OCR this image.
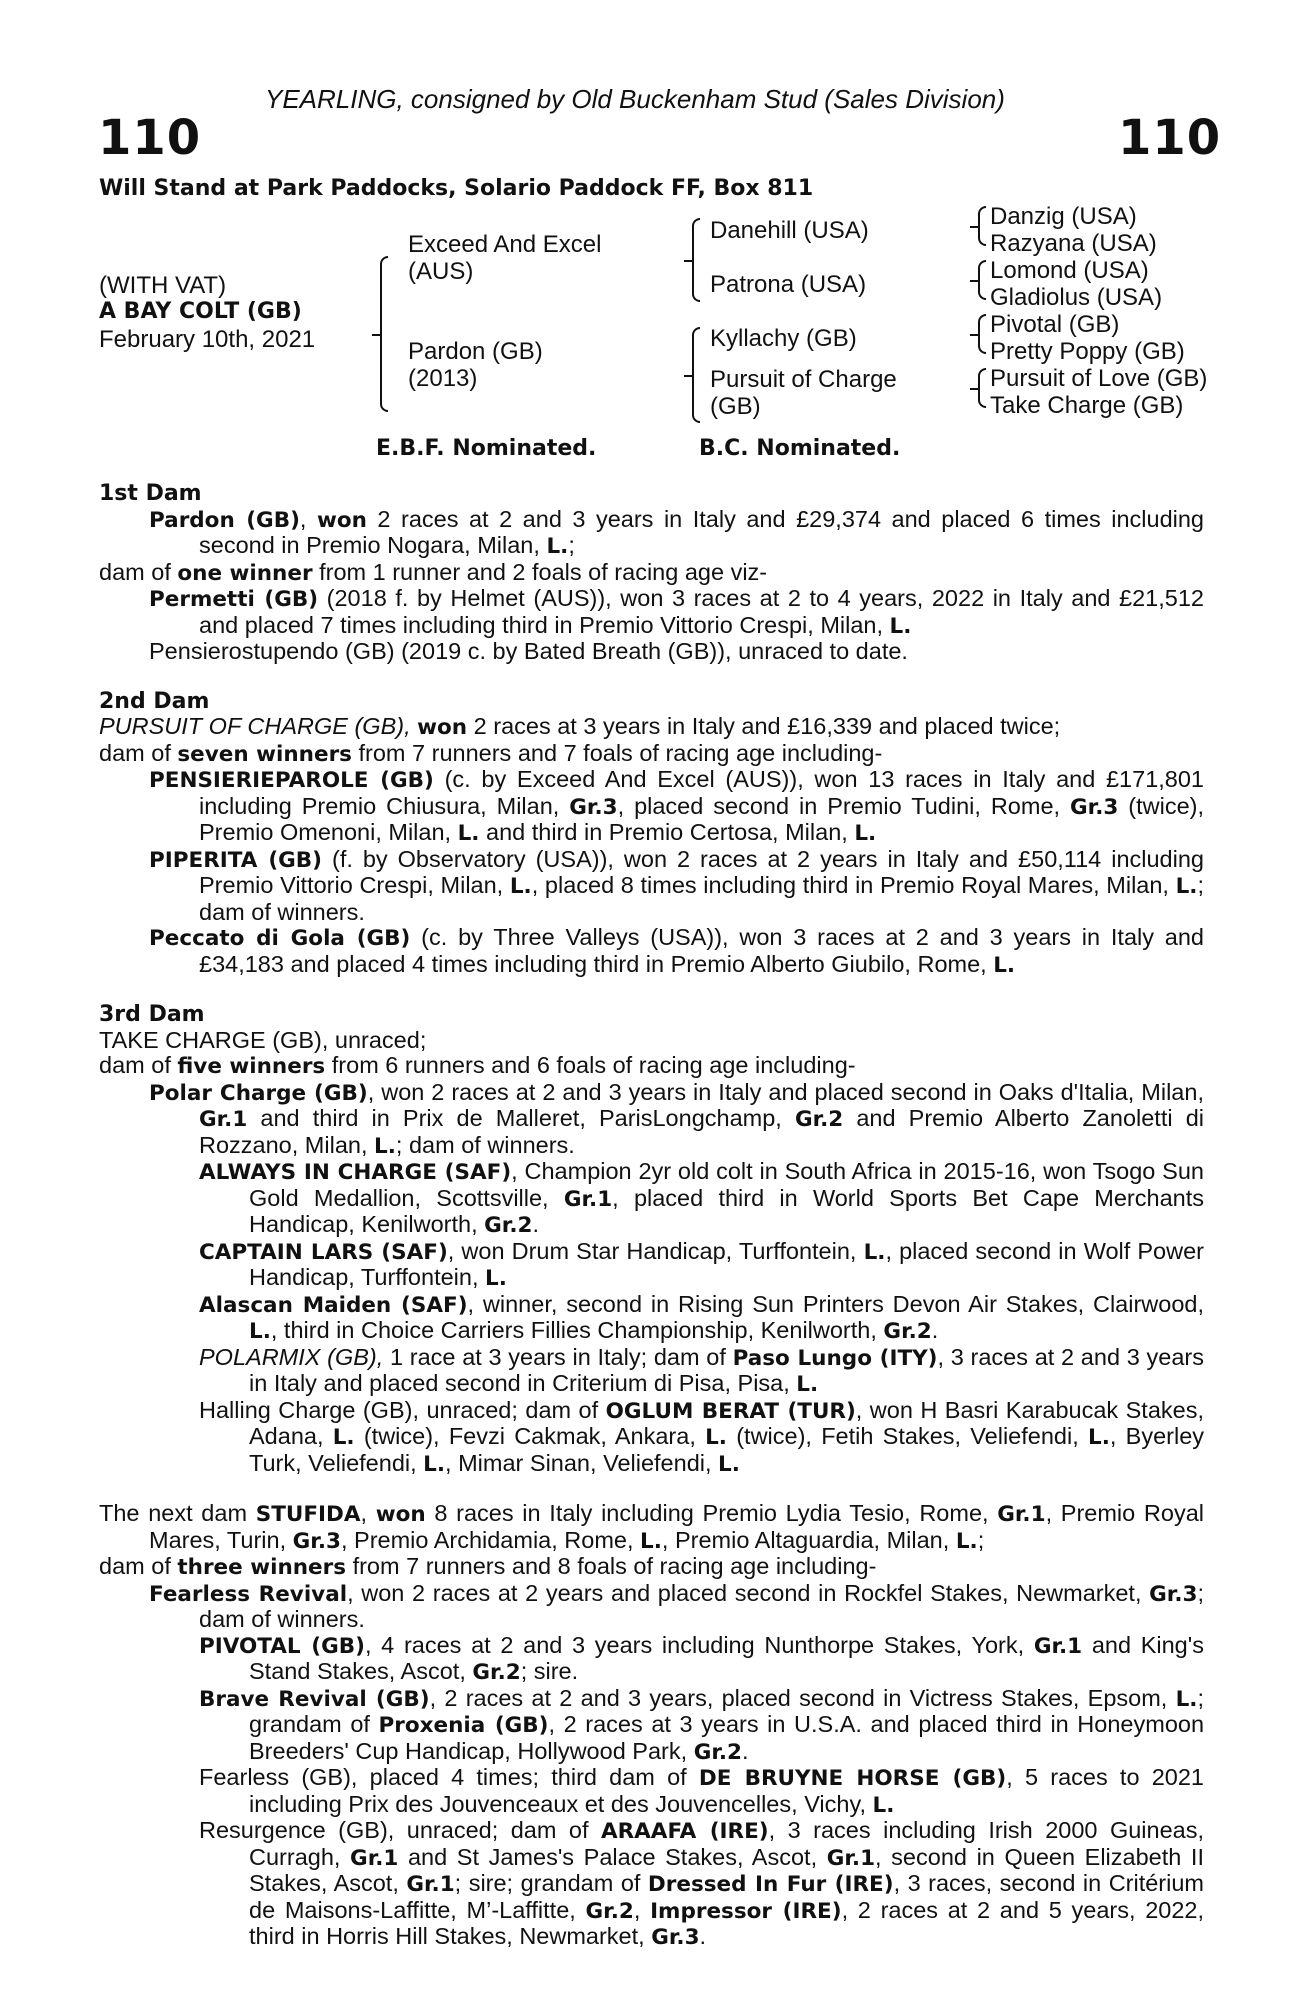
YEARLING, consigned by Old Buckenham Stud (Sales Division)
110	110
Will Stand at Park Paddocks, Solario Paddock FF, Box 811
(WITH VAT)
A BAY COLT (GB)
February 10th, 2021
Exceed And Excel
(AUS)
Pardon (GB)
(2013)
Danehill (USA)
Patrona (USA)
Kyllachy (GB)
Pursuit of Charge
(GB)
Danzig (USA)
Razyana (USA)
Lomond (USA)
Gladiolus (USA)
Pivotal (GB)
Pretty Poppy (GB)
Pursuit of Love (GB)
Take Charge (GB)
E.B.F. Nominated.	B.C. Nominated.
1st Dam
Pardon (GB), won 2 races at 2 and 3 years in Italy and £29,374 and placed 6 times including second in Premio Nogara, Milan, L.;
dam of one winner from 1 runner and 2 foals of racing age viz-
Permetti (GB) (2018 f. by Helmet (AUS)), won 3 races at 2 to 4 years, 2022 in Italy and £21,512 and placed 7 times including third in Premio Vittorio Crespi, Milan, L.
Pensierostupendo (GB) (2019 c. by Bated Breath (GB)), unraced to date.
2nd Dam
PURSUIT OF CHARGE (GB), won 2 races at 3 years in Italy and £16,339 and placed twice;
dam of seven winners from 7 runners and 7 foals of racing age including-
PENSIERIEPAROLE (GB) (c. by Exceed And Excel (AUS)), won 13 races in Italy and £171,801 including Premio Chiusura, Milan, Gr.3, placed second in Premio Tudini, Rome, Gr.3 (twice), Premio Omenoni, Milan, L. and third in Premio Certosa, Milan, L.
PIPERITA (GB) (f. by Observatory (USA)), won 2 races at 2 years in Italy and £50,114 including Premio Vittorio Crespi, Milan, L., placed 8 times including third in Premio Royal Mares, Milan, L.; dam of winners.
Peccato di Gola (GB) (c. by Three Valleys (USA)), won 3 races at 2 and 3 years in Italy and £34,183 and placed 4 times including third in Premio Alberto Giubilo, Rome, L.
3rd Dam
TAKE CHARGE (GB), unraced;
dam of five winners from 6 runners and 6 foals of racing age including-
Polar Charge (GB), won 2 races at 2 and 3 years in Italy and placed second in Oaks d'Italia, Milan, Gr.1 and third in Prix de Malleret, ParisLongchamp, Gr.2 and Premio Alberto Zanoletti di Rozzano, Milan, L.; dam of winners.
ALWAYS IN CHARGE (SAF), Champion 2yr old colt in South Africa in 2015-16, won Tsogo Sun Gold Medallion, Scottsville, Gr.1, placed third in World Sports Bet Cape Merchants Handicap, Kenilworth, Gr.2.
CAPTAIN LARS (SAF), won Drum Star Handicap, Turffontein, L., placed second in Wolf Power Handicap, Turffontein, L.
Alascan Maiden (SAF), winner, second in Rising Sun Printers Devon Air Stakes, Clairwood, L., third in Choice Carriers Fillies Championship, Kenilworth, Gr.2.
POLARMIX (GB), 1 race at 3 years in Italy; dam of Paso Lungo (ITY), 3 races at 2 and 3 years in Italy and placed second in Criterium di Pisa, Pisa, L.
Halling Charge (GB), unraced; dam of OGLUM BERAT (TUR), won H Basri Karabucak Stakes, Adana, L. (twice), Fevzi Cakmak, Ankara, L. (twice), Fetih Stakes, Veliefendi, L., Byerley Turk, Veliefendi, L., Mimar Sinan, Veliefendi, L.
The next dam STUFIDA, won 8 races in Italy including Premio Lydia Tesio, Rome, Gr.1, Premio Royal Mares, Turin, Gr.3, Premio Archidamia, Rome, L., Premio Altaguardia, Milan, L.;
dam of three winners from 7 runners and 8 foals of racing age including-
Fearless Revival, won 2 races at 2 years and placed second in Rockfel Stakes, Newmarket, Gr.3; dam of winners.
PIVOTAL (GB), 4 races at 2 and 3 years including Nunthorpe Stakes, York, Gr.1 and King's Stand Stakes, Ascot, Gr.2; sire.
Brave Revival (GB), 2 races at 2 and 3 years, placed second in Victress Stakes, Epsom, L.; grandam of Proxenia (GB), 2 races at 3 years in U.S.A. and placed third in Honeymoon Breeders' Cup Handicap, Hollywood Park, Gr.2.
Fearless (GB), placed 4 times; third dam of DE BRUYNE HORSE (GB), 5 races to 2021 including Prix des Jouvenceaux et des Jouvencelles, Vichy, L.
Resurgence (GB), unraced; dam of ARAAFA (IRE), 3 races including Irish 2000 Guineas, Curragh, Gr.1 and St James's Palace Stakes, Ascot, Gr.1, second in Queen Elizabeth II Stakes, Ascot, Gr.1; sire; grandam of Dressed In Fur (IRE), 3 races, second in Critérium de Maisons-Laffitte, M’-Laffitte, Gr.2, Impressor (IRE), 2 races at 2 and 5 years, 2022, third in Horris Hill Stakes, Newmarket, Gr.3.
